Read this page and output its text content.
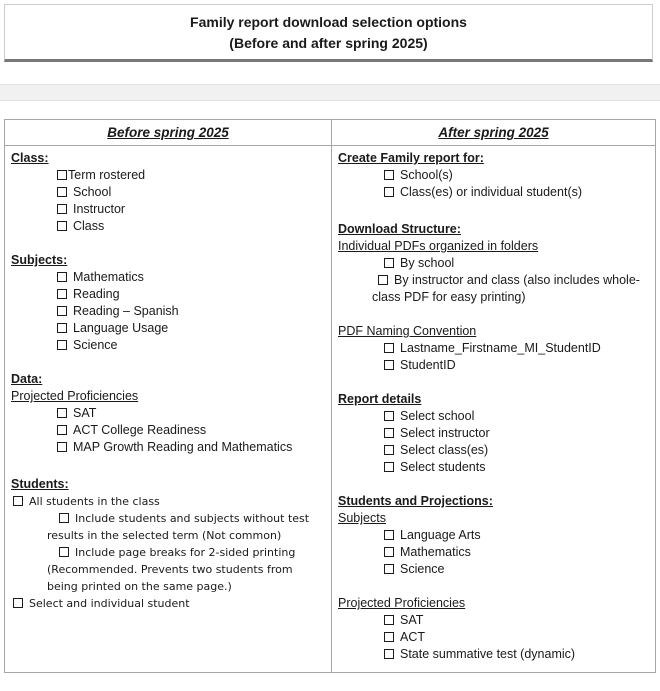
Family report download selection options
(Before and after spring 2025)
Before spring 2025
Class:
Term rostered
School
Instructor
Class
Subjects:
Mathematics
Reading
Reading – Spanish
Language Usage
Science
Data:
Projected Proficiencies
SAT
ACT College Readiness
MAP Growth Reading and Mathematics
Students:
All students in the class
Include students and subjects without test results in the selected term (Not common)
Include page breaks for 2-sided printing (Recommended. Prevents two students from being printed on the same page.)
Select and individual student
After spring 2025
Create Family report for:
School(s)
Class(es) or individual student(s)
Download Structure:
Individual PDFs organized in folders
By school
By instructor and class (also includes whole-class PDF for easy printing)
PDF Naming Convention
Lastname_Firstname_MI_StudentID
StudentID
Report details
Select school
Select instructor
Select class(es)
Select students
Students and Projections:
Subjects
Language Arts
Mathematics
Science
Projected Proficiencies
SAT
ACT
State summative test (dynamic)
